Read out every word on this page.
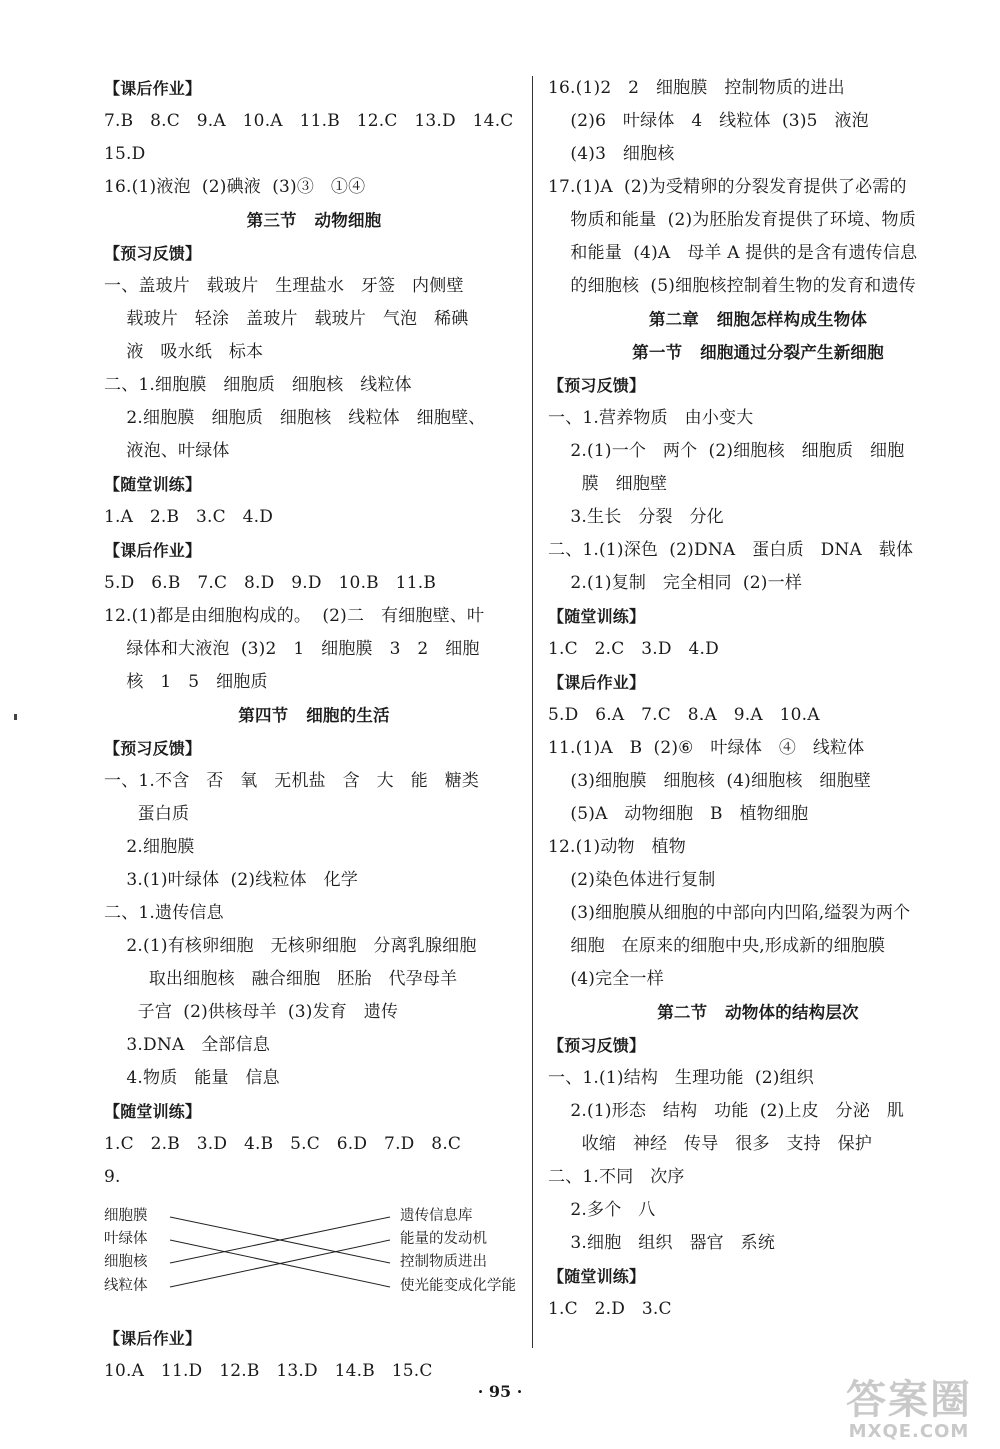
【课后作业】
7.B   8.C   9.A   10.A   11.B   12.C   13.D   14.C
15.D
16.(1)液泡  (2)碘液  (3)③   ①④
第三节   动物细胞
【预习反馈】
一、盖玻片   载玻片   生理盐水   牙签   内侧壁
载玻片   轻涂   盖玻片   载玻片   气泡   稀碘
液   吸水纸   标本
二、1.细胞膜   细胞质   细胞核   线粒体
2.细胞膜   细胞质   细胞核   线粒体   细胞壁、
液泡、叶绿体
【随堂训练】
1.A   2.B   3.C   4.D
【课后作业】
5.D   6.B   7.C   8.D   9.D   10.B   11.B
12.(1)都是由细胞构成的。  (2)二   有细胞壁、叶
绿体和大液泡  (3)2   1   细胞膜   3   2   细胞
核   1   5   细胞质
第四节   细胞的生活
【预习反馈】
一、1.不含   否   氧   无机盐   含   大   能   糖类
蛋白质
2.细胞膜
3.(1)叶绿体  (2)线粒体   化学
二、1.遗传信息
2.(1)有核卵细胞   无核卵细胞   分离乳腺细胞
取出细胞核   融合细胞   胚胎   代孕母羊
子宫  (2)供核母羊  (3)发育   遗传
3.DNA   全部信息
4.物质   能量   信息
【随堂训练】
1.C   2.B   3.D   4.B   5.C   6.D   7.D   8.C
9.
细胞膜
叶绿体
细胞核
线粒体
遗传信息库
能量的发动机
控制物质进出
使光能变成化学能
【课后作业】
10.A   11.D   12.B   13.D   14.B   15.C
16.(1)2   2   细胞膜   控制物质的进出
(2)6   叶绿体   4   线粒体  (3)5   液泡
(4)3   细胞核
17.(1)A  (2)为受精卵的分裂发育提供了必需的
物质和能量  (2)为胚胎发育提供了环境、物质
和能量  (4)A   母羊 A 提供的是含有遗传信息
的细胞核  (5)细胞核控制着生物的发育和遗传
第二章   细胞怎样构成生物体
第一节   细胞通过分裂产生新细胞
【预习反馈】
一、1.营养物质   由小变大
2.(1)一个   两个  (2)细胞核   细胞质   细胞
膜   细胞壁
3.生长   分裂   分化
二、1.(1)深色  (2)DNA   蛋白质   DNA   载体
2.(1)复制   完全相同  (2)一样
【随堂训练】
1.C   2.C   3.D   4.D
【课后作业】
5.D   6.A   7.C   8.A   9.A   10.A
11.(1)A   B  (2)⑥   叶绿体   ④   线粒体
(3)细胞膜   细胞核  (4)细胞核   细胞壁
(5)A   动物细胞   B   植物细胞
12.(1)动物   植物
(2)染色体进行复制
(3)细胞膜从细胞的中部向内凹陷,缢裂为两个
细胞   在原来的细胞中央,形成新的细胞膜
(4)完全一样
第二节   动物体的结构层次
【预习反馈】
一、1.(1)结构   生理功能  (2)组织
2.(1)形态   结构   功能  (2)上皮   分泌   肌
收缩   神经   传导   很多   支持   保护
二、1.不同   次序
2.多个   八
3.细胞   组织   器官   系统
【随堂训练】
1.C   2.D   3.C
· 95 ·	答案圈
MXQE.COM
